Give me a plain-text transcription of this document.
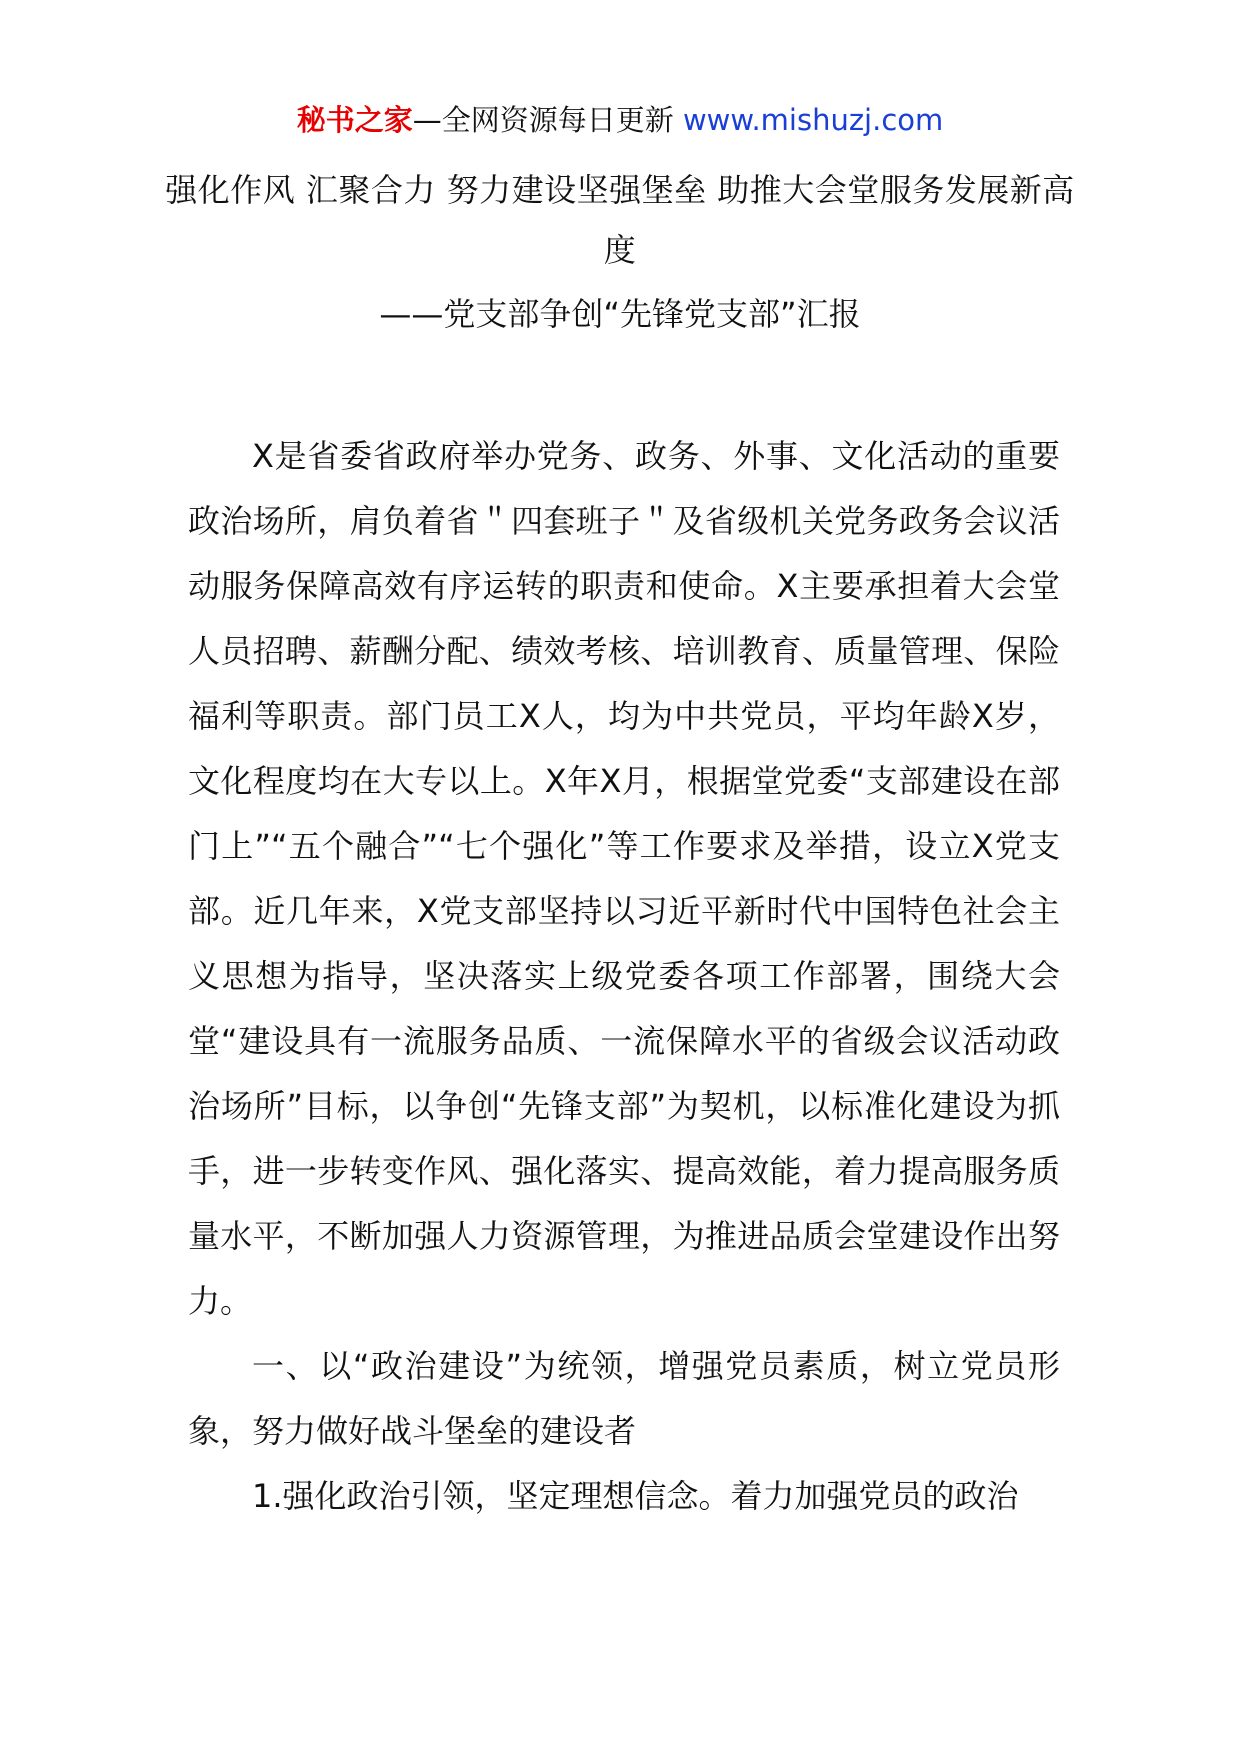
秘书之家—全网资源每日更新 www.mishuzj.com
强化作风 汇聚合力 努力建设坚强堡垒 助推大会堂服务发展新高度
——党支部争创“先锋党支部”汇报

X是省委省政府举办党务、政务、外事、文化活动的重要政治场所，肩负着省＂四套班子＂及省级机关党务政务会议活动服务保障高效有序运转的职责和使命。X主要承担着大会堂人员招聘、薪酬分配、绩效考核、培训教育、质量管理、保险福利等职责。部门员工X人，均为中共党员，平均年龄X岁，文化程度均在大专以上。X年X月，根据堂党委“支部建设在部门上”“五个融合”“七个强化”等工作要求及举措，设立X党支部。近几年来，X党支部坚持以习近平新时代中国特色社会主义思想为指导，坚决落实上级党委各项工作部署，围绕大会堂“建设具有一流服务品质、一流保障水平的省级会议活动政治场所”目标，以争创“先锋支部”为契机，以标准化建设为抓手，进一步转变作风、强化落实、提高效能，着力提高服务质量水平，不断加强人力资源管理，为推进品质会堂建设作出努力。

一、以“政治建设”为统领，增强党员素质，树立党员形象，努力做好战斗堡垒的建设者

1.强化政治引领，坚定理想信念。着力加强党员的政治
